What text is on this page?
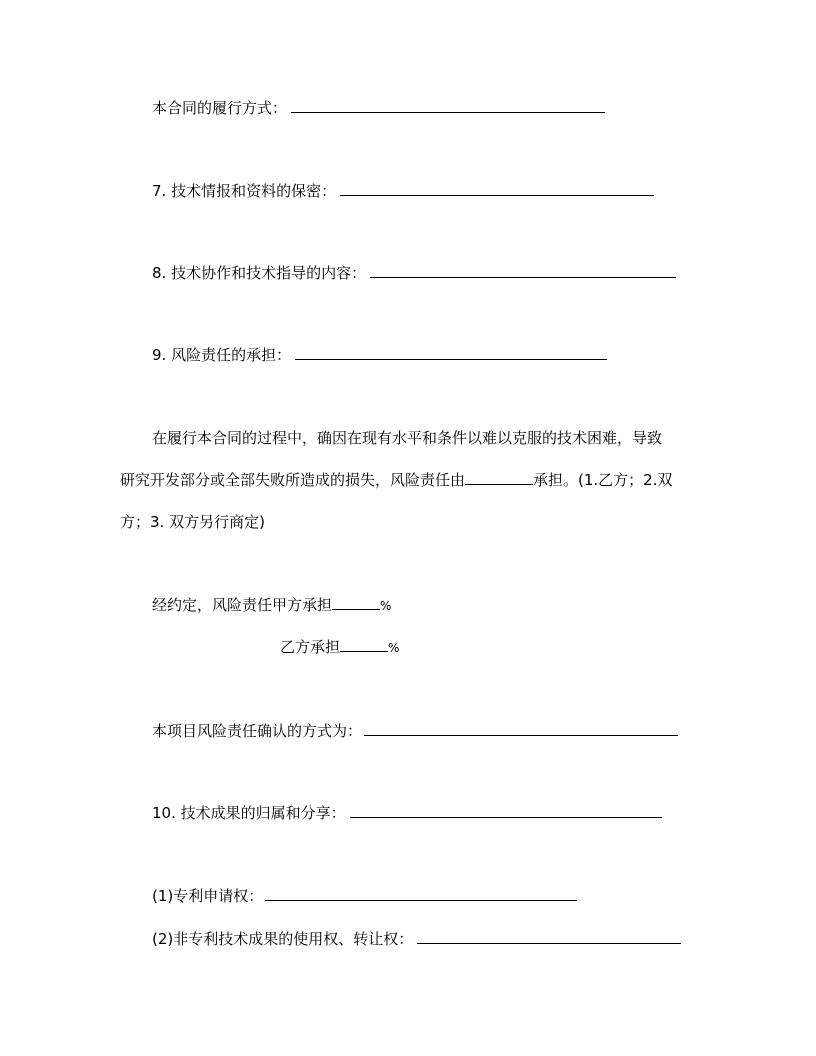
本合同的履行方式：
7. 技术情报和资料的保密：
8. 技术协作和技术指导的内容：
9. 风险责任的承担：
在履行本合同的过程中，确因在现有水平和条件以难以克服的技术困难，导致
研究开发部分或全部失败所造成的损失，风险责任由	承担。(1.乙方；2.双
方；3. 双方另行商定)
经约定，风险责任甲方承担	%
乙方承担	%
本项目风险责任确认的方式为：
10. 技术成果的归属和分享：
(1)专利申请权：
(2)非专利技术成果的使用权、转让权：
